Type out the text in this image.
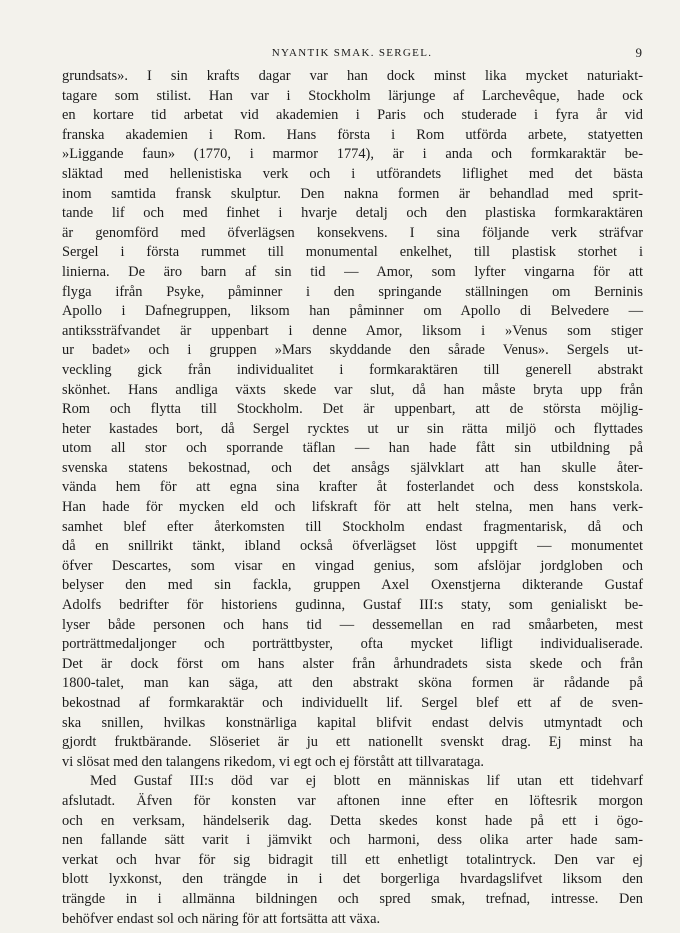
NYANTIK SMAK. SERGEL.	9
grundsats». I sin krafts dagar var han dock minst lika mycket naturiakt-
tagare som stilist. Han var i Stockholm lärjunge af Larchevêque, hade ock
en kortare tid arbetat vid akademien i Paris och studerade i fyra år vid
franska akademien i Rom. Hans första i Rom utförda arbete, statyetten
»Liggande faun» (1770, i marmor 1774), är i anda och formkaraktär be-
släktad med hellenistiska verk och i utförandets liflighet med det bästa
inom samtida fransk skulptur. Den nakna formen är behandlad med sprit-
tande lif och med finhet i hvarje detalj och den plastiska formkaraktären
är genomförd med öfverlägsen konsekvens. I sina följande verk sträfvar
Sergel i första rummet till monumental enkelhet, till plastisk storhet i
linierna. De äro barn af sin tid — Amor, som lyfter vingarna för att
flyga ifrån Psyke, påminner i den springande ställningen om Berninis
Apollo i Dafnegruppen, liksom han påminner om Apollo di Belvedere —
antikssträfvandet är uppenbart i denne Amor, liksom i »Venus som stiger
ur badet» och i gruppen »Mars skyddande den sårade Venus». Sergels ut-
veckling gick från individualitet i formkaraktären till generell abstrakt
skönhet. Hans andliga växts skede var slut, då han måste bryta upp från
Rom och flytta till Stockholm. Det är uppenbart, att de största möjlig-
heter kastades bort, då Sergel rycktes ut ur sin rätta miljö och flyttades
utom all stor och sporrande täflan — han hade fått sin utbildning på
svenska statens bekostnad, och det ansågs självklart att han skulle åter-
vända hem för att egna sina krafter åt fosterlandet och dess konstskola.
Han hade för mycken eld och lifskraft för att helt stelna, men hans verk-
samhet blef efter återkomsten till Stockholm endast fragmentarisk, då och
då en snillrikt tänkt, ibland också öfverlägset löst uppgift — monumentet
öfver Descartes, som visar en vingad genius, som afslöjar jordgloben och
belyser den med sin fackla, gruppen Axel Oxenstjerna dikterande Gustaf
Adolfs bedrifter för historiens gudinna, Gustaf III:s staty, som genialiskt be-
lyser både personen och hans tid — dessemellan en rad småarbeten, mest
porträttmedaljonger och porträttbyster, ofta mycket lifligt individualiserade.
Det är dock först om hans alster från århundradets sista skede och från
1800-talet, man kan säga, att den abstrakt sköna formen är rådande på
bekostnad af formkaraktär och individuellt lif. Sergel blef ett af de sven-
ska snillen, hvilkas konstnärliga kapital blifvit endast delvis utmyntadt och
gjordt fruktbärande. Slöseriet är ju ett nationellt svenskt drag. Ej minst ha
vi slösat med den talangens rikedom, vi egt och ej förstått att tillvarataga.
Med Gustaf III:s död var ej blott en människas lif utan ett tidehvarf
afslutadt. Äfven för konsten var aftonen inne efter en löftesrik morgon
och en verksam, händelserik dag. Detta skedes konst hade på ett i ögo-
nen fallande sätt varit i jämvikt och harmoni, dess olika arter hade sam-
verkat och hvar för sig bidragit till ett enhetligt totalintryck. Den var ej
blott lyxkonst, den trängde in i det borgerliga hvardagslifvet liksom den
trängde in i allmänna bildningen och spred smak, trefnad, intresse. Den
behöfver endast sol och näring för att fortsätta att växa.
